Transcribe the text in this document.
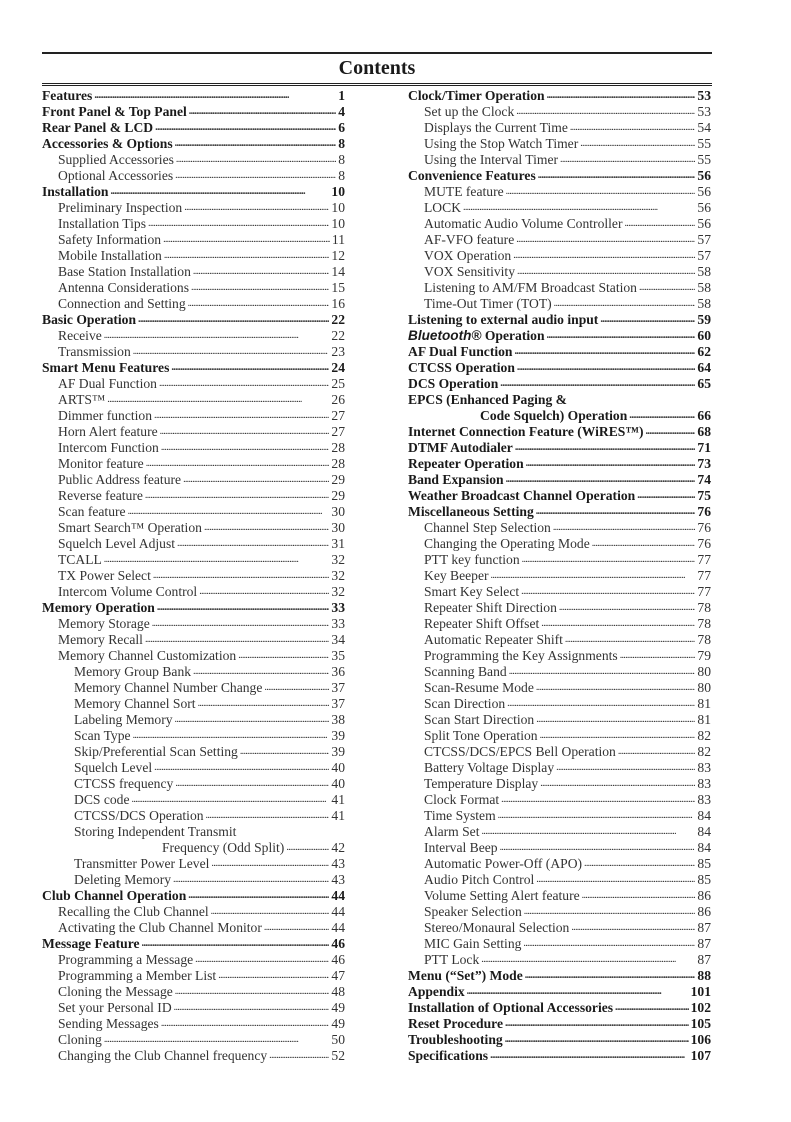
Contents
Features . . .	1
Front Panel & Top Panel . . .	4
Rear Panel & LCD . . .	6
Accessories & Options . . .	8
Supplied Accessories . . .	8
Optional Accessories . . .	8
Installation . . .	10
Preliminary Inspection . . .	10
Installation Tips . . .	10
Safety Information . . .	11
Mobile Installation . . .	12
Base Station Installation . . .	14
Antenna Considerations . . .	15
Connection and Setting . . .	16
Basic Operation . . .	22
Receive . . .	22
Transmission . . .	23
Smart Menu Features . . .	24
AF Dual Function . . .	25
ARTS™ . . .	26
Dimmer function . . .	27
Horn Alert feature . . .	27
Intercom Function . . .	28
Monitor feature . . .	28
Public Address feature . . .	29
Reverse feature . . .	29
Scan feature . . .	30
Smart Search™ Operation . . .	30
Squelch Level Adjust . . .	31
TCALL . . .	32
TX Power Select . . .	32
Intercom Volume Control . . .	32
Memory Operation . . .	33
Memory Storage . . .	33
Memory Recall . . .	34
Memory Channel Customization . . .	35
Memory Group Bank . . .	36
Memory Channel Number Change . . .	37
Memory Channel Sort . . .	37
Labeling Memory . . .	38
Scan Type . . .	39
Skip/Preferential Scan Setting . . .	39
Squelch Level . . .	40
CTCSS frequency . . .	40
DCS code . . .	41
CTCSS/DCS Operation . . .	41
Storing Independent Transmit
Frequency (Odd Split) . . .	42
Transmitter Power Level . . .	43
Deleting Memory . . .	43
Club Channel Operation . . .	44
Recalling the Club Channel . . .	44
Activating the Club Channel Monitor . . .	44
Message Feature . . .	46
Programming a Message . . .	46
Programming a Member List . . .	47
Cloning the Message . . .	48
Set your Personal ID . . .	49
Sending Messages . . .	49
Cloning . . .	50
Changing the Club Channel frequency . . .	52
Clock/Timer Operation . . .	53
Set up the Clock . . .	53
Displays the Current Time . . .	54
Using the Stop Watch Timer . . .	55
Using the Interval Timer . . .	55
Convenience Features . . .	56
MUTE feature . . .	56
LOCK . . .	56
Automatic Audio Volume Controller . . .	56
AF-VFO feature . . .	57
VOX Operation . . .	57
VOX Sensitivity . . .	58
Listening to AM/FM Broadcast Station . . .	58
Time-Out Timer (TOT) . . .	58
Listening to external audio input . . .	59
Bluetooth® Operation . . .	60
AF Dual Function . . .	62
CTCSS Operation . . .	64
DCS Operation . . .	65
EPCS (Enhanced Paging &
Code Squelch) Operation . . .	66
Internet Connection Feature (WiRES™) . . .	68
DTMF Autodialer . . .	71
Repeater Operation . . .	73
Band Expansion . . .	74
Weather Broadcast Channel Operation . . .	75
Miscellaneous Setting . . .	76
Channel Step Selection . . .	76
Changing the Operating Mode . . .	76
PTT key function . . .	77
Key Beeper . . .	77
Smart Key Select . . .	77
Repeater Shift Direction . . .	78
Repeater Shift Offset . . .	78
Automatic Repeater Shift . . .	78
Programming the Key Assignments . . .	79
Scanning Band . . .	80
Scan-Resume Mode . . .	80
Scan Direction . . .	81
Scan Start Direction . . .	81
Split Tone Operation . . .	82
CTCSS/DCS/EPCS Bell Operation . . .	82
Battery Voltage Display . . .	83
Temperature Display . . .	83
Clock Format . . .	83
Time System . . .	84
Alarm Set . . .	84
Interval Beep . . .	84
Automatic Power-Off (APO) . . .	85
Audio Pitch Control . . .	85
Volume Setting Alert feature . . .	86
Speaker Selection . . .	86
Stereo/Monaural Selection . . .	87
MIC Gain Setting . . .	87
PTT Lock . . .	87
Menu (“Set”) Mode . . .	88
Appendix . . .	101
Installation of Optional Accessories . . .	102
Reset Procedure . . .	105
Troubleshooting . . .	106
Specifications . . .	107
